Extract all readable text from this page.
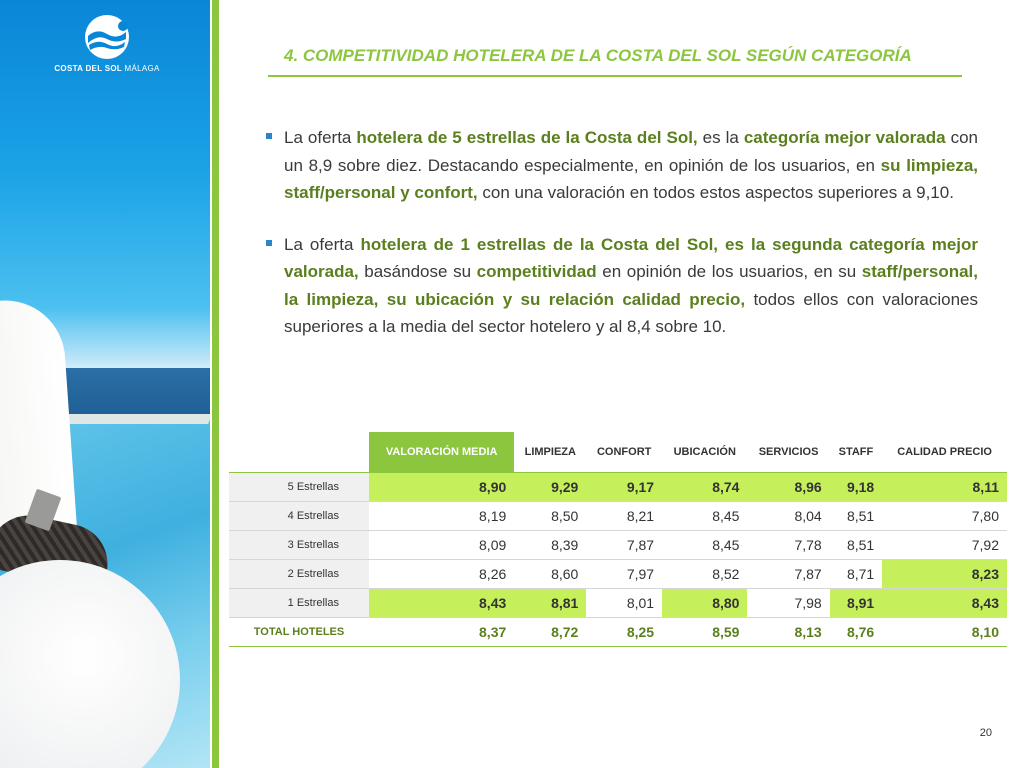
COSTA DEL SOL MÁLAGA
4. COMPETITIVIDAD HOTELERA DE LA COSTA DEL SOL SEGÚN CATEGORÍA
La oferta hotelera de 5 estrellas de la Costa del Sol, es la categoría mejor valorada con un 8,9 sobre diez. Destacando especialmente, en opinión de los usuarios, en su limpieza, staff/personal y confort, con una valoración en todos estos aspectos superiores a 9,10.
La oferta hotelera de 1 estrellas de la Costa del Sol, es la segunda categoría mejor valorada, basándose su competitividad en opinión de los usuarios, en su staff/personal, la limpieza, su ubicación y su relación calidad precio, todos ellos con valoraciones superiores a la media del sector hotelero y al 8,4 sobre 10.
	VALORACIÓN MEDIA	LIMPIEZA	CONFORT	UBICACIÓN	SERVICIOS	STAFF	CALIDAD PRECIO
5 Estrellas	8,90	9,29	9,17	8,74	8,96	9,18	8,11
4 Estrellas	8,19	8,50	8,21	8,45	8,04	8,51	7,80
3 Estrellas	8,09	8,39	7,87	8,45	7,78	8,51	7,92
2 Estrellas	8,26	8,60	7,97	8,52	7,87	8,71	8,23
1 Estrellas	8,43	8,81	8,01	8,80	7,98	8,91	8,43
TOTAL HOTELES	8,37	8,72	8,25	8,59	8,13	8,76	8,10
20
